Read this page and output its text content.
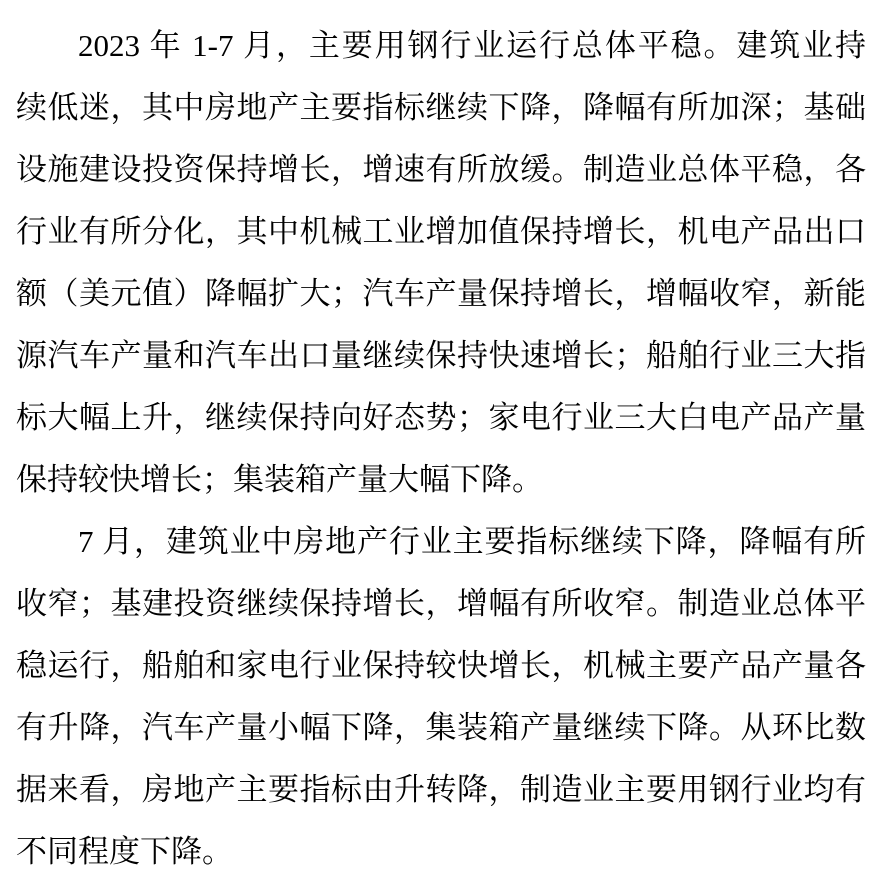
2023 年 1-7 月，主要用钢行业运行总体平稳。建筑业持

续低迷，其中房地产主要指标继续下降，降幅有所加深；基础

设施建设投资保持增长，增速有所放缓。制造业总体平稳，各

行业有所分化，其中机械工业增加值保持增长，机电产品出口

额（美元值）降幅扩大；汽车产量保持增长，增幅收窄，新能

源汽车产量和汽车出口量继续保持快速增长；船舶行业三大指

标大幅上升，继续保持向好态势；家电行业三大白电产品产量

保持较快增长；集装箱产量大幅下降。

7 月，建筑业中房地产行业主要指标继续下降，降幅有所

收窄；基建投资继续保持增长，增幅有所收窄。制造业总体平

稳运行，船舶和家电行业保持较快增长，机械主要产品产量各

有升降，汽车产量小幅下降，集装箱产量继续下降。从环比数

据来看，房地产主要指标由升转降，制造业主要用钢行业均有

不同程度下降。
